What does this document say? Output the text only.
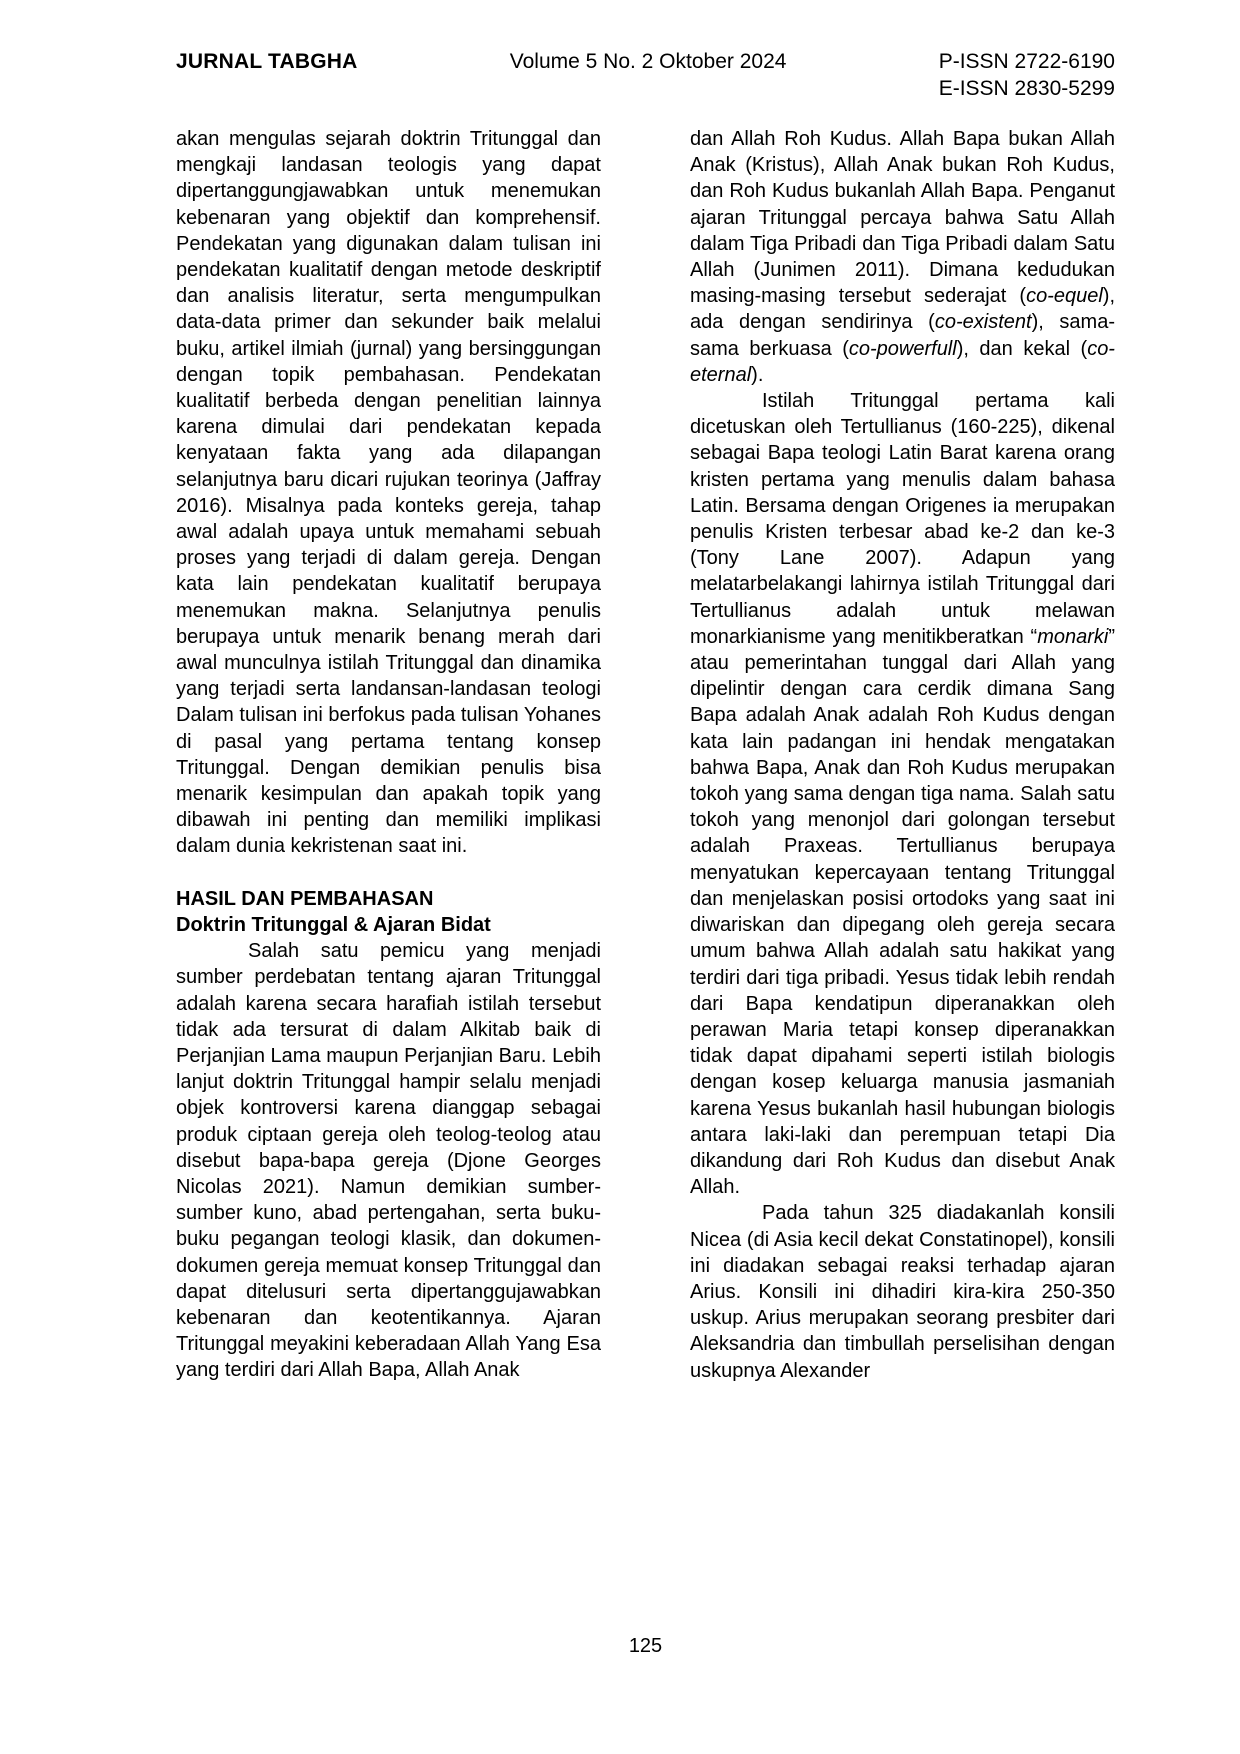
JURNAL TABGHA	Volume 5 No. 2 Oktober 2024	P-ISSN 2722-6190
E-ISSN 2830-5299

akan mengulas sejarah doktrin Tritunggal dan mengkaji landasan teologis yang dapat dipertanggungjawabkan untuk menemukan kebenaran yang objektif dan komprehensif. Pendekatan yang digunakan dalam tulisan ini pendekatan kualitatif dengan metode deskriptif dan analisis literatur, serta mengumpulkan data-data primer dan sekunder baik melalui buku, artikel ilmiah (jurnal) yang bersinggungan dengan topik pembahasan. Pendekatan kualitatif berbeda dengan penelitian lainnya karena dimulai dari pendekatan kepada kenyataan fakta yang ada dilapangan selanjutnya baru dicari rujukan teorinya (Jaffray 2016). Misalnya pada konteks gereja, tahap awal adalah upaya untuk memahami sebuah proses yang terjadi di dalam gereja. Dengan kata lain pendekatan kualitatif berupaya menemukan makna. Selanjutnya penulis berupaya untuk menarik benang merah dari awal munculnya istilah Tritunggal dan dinamika yang terjadi serta landansan-landasan teologi Dalam tulisan ini berfokus pada tulisan Yohanes di pasal yang pertama tentang konsep Tritunggal. Dengan demikian penulis bisa menarik kesimpulan dan apakah topik yang dibawah ini penting dan memiliki implikasi dalam dunia kekristenan saat ini.

HASIL DAN PEMBAHASAN
Doktrin Tritunggal & Ajaran Bidat

Salah satu pemicu yang menjadi sumber perdebatan tentang ajaran Tritunggal adalah karena secara harafiah istilah tersebut tidak ada tersurat di dalam Alkitab baik di Perjanjian Lama maupun Perjanjian Baru. Lebih lanjut doktrin Tritunggal hampir selalu menjadi objek kontroversi karena dianggap sebagai produk ciptaan gereja oleh teolog-teolog atau disebut bapa-bapa gereja (Djone Georges Nicolas 2021). Namun demikian sumber-sumber kuno, abad pertengahan, serta buku-buku pegangan teologi klasik, dan dokumen-dokumen gereja memuat konsep Tritunggal dan dapat ditelusuri serta dipertanggujawabkan kebenaran dan keotentikannya. Ajaran Tritunggal meyakini keberadaan Allah Yang Esa yang terdiri dari Allah Bapa, Allah Anak

dan Allah Roh Kudus. Allah Bapa bukan Allah Anak (Kristus), Allah Anak bukan Roh Kudus, dan Roh Kudus bukanlah Allah Bapa. Penganut ajaran Tritunggal percaya bahwa Satu Allah dalam Tiga Pribadi dan Tiga Pribadi dalam Satu Allah (Junimen 2011). Dimana kedudukan masing-masing tersebut sederajat (co-equel), ada dengan sendirinya (co-existent), sama-sama berkuasa (co-powerfull), dan kekal (co-eternal).

Istilah Tritunggal pertama kali dicetuskan oleh Tertullianus (160-225), dikenal sebagai Bapa teologi Latin Barat karena orang kristen pertama yang menulis dalam bahasa Latin. Bersama dengan Origenes ia merupakan penulis Kristen terbesar abad ke-2 dan ke-3 (Tony Lane 2007). Adapun yang melatarbelakangi lahirnya istilah Tritunggal dari Tertullianus adalah untuk melawan monarkianisme yang menitikberatkan “monarki” atau pemerintahan tunggal dari Allah yang dipelintir dengan cara cerdik dimana Sang Bapa adalah Anak adalah Roh Kudus dengan kata lain padangan ini hendak mengatakan bahwa Bapa, Anak dan Roh Kudus merupakan tokoh yang sama dengan tiga nama. Salah satu tokoh yang menonjol dari golongan tersebut adalah Praxeas. Tertullianus berupaya menyatukan kepercayaan tentang Tritunggal dan menjelaskan posisi ortodoks yang saat ini diwariskan dan dipegang oleh gereja secara umum bahwa Allah adalah satu hakikat yang terdiri dari tiga pribadi. Yesus tidak lebih rendah dari Bapa kendatipun diperanakkan oleh perawan Maria tetapi konsep diperanakkan tidak dapat dipahami seperti istilah biologis dengan kosep keluarga manusia jasmaniah karena Yesus bukanlah hasil hubungan biologis antara laki-laki dan perempuan tetapi Dia dikandung dari Roh Kudus dan disebut Anak Allah.

Pada tahun 325 diadakanlah konsili Nicea (di Asia kecil dekat Constatinopel), konsili ini diadakan sebagai reaksi terhadap ajaran Arius. Konsili ini dihadiri kira-kira 250-350 uskup. Arius merupakan seorang presbiter dari Aleksandria dan timbullah perselisihan dengan uskupnya Alexander

125
